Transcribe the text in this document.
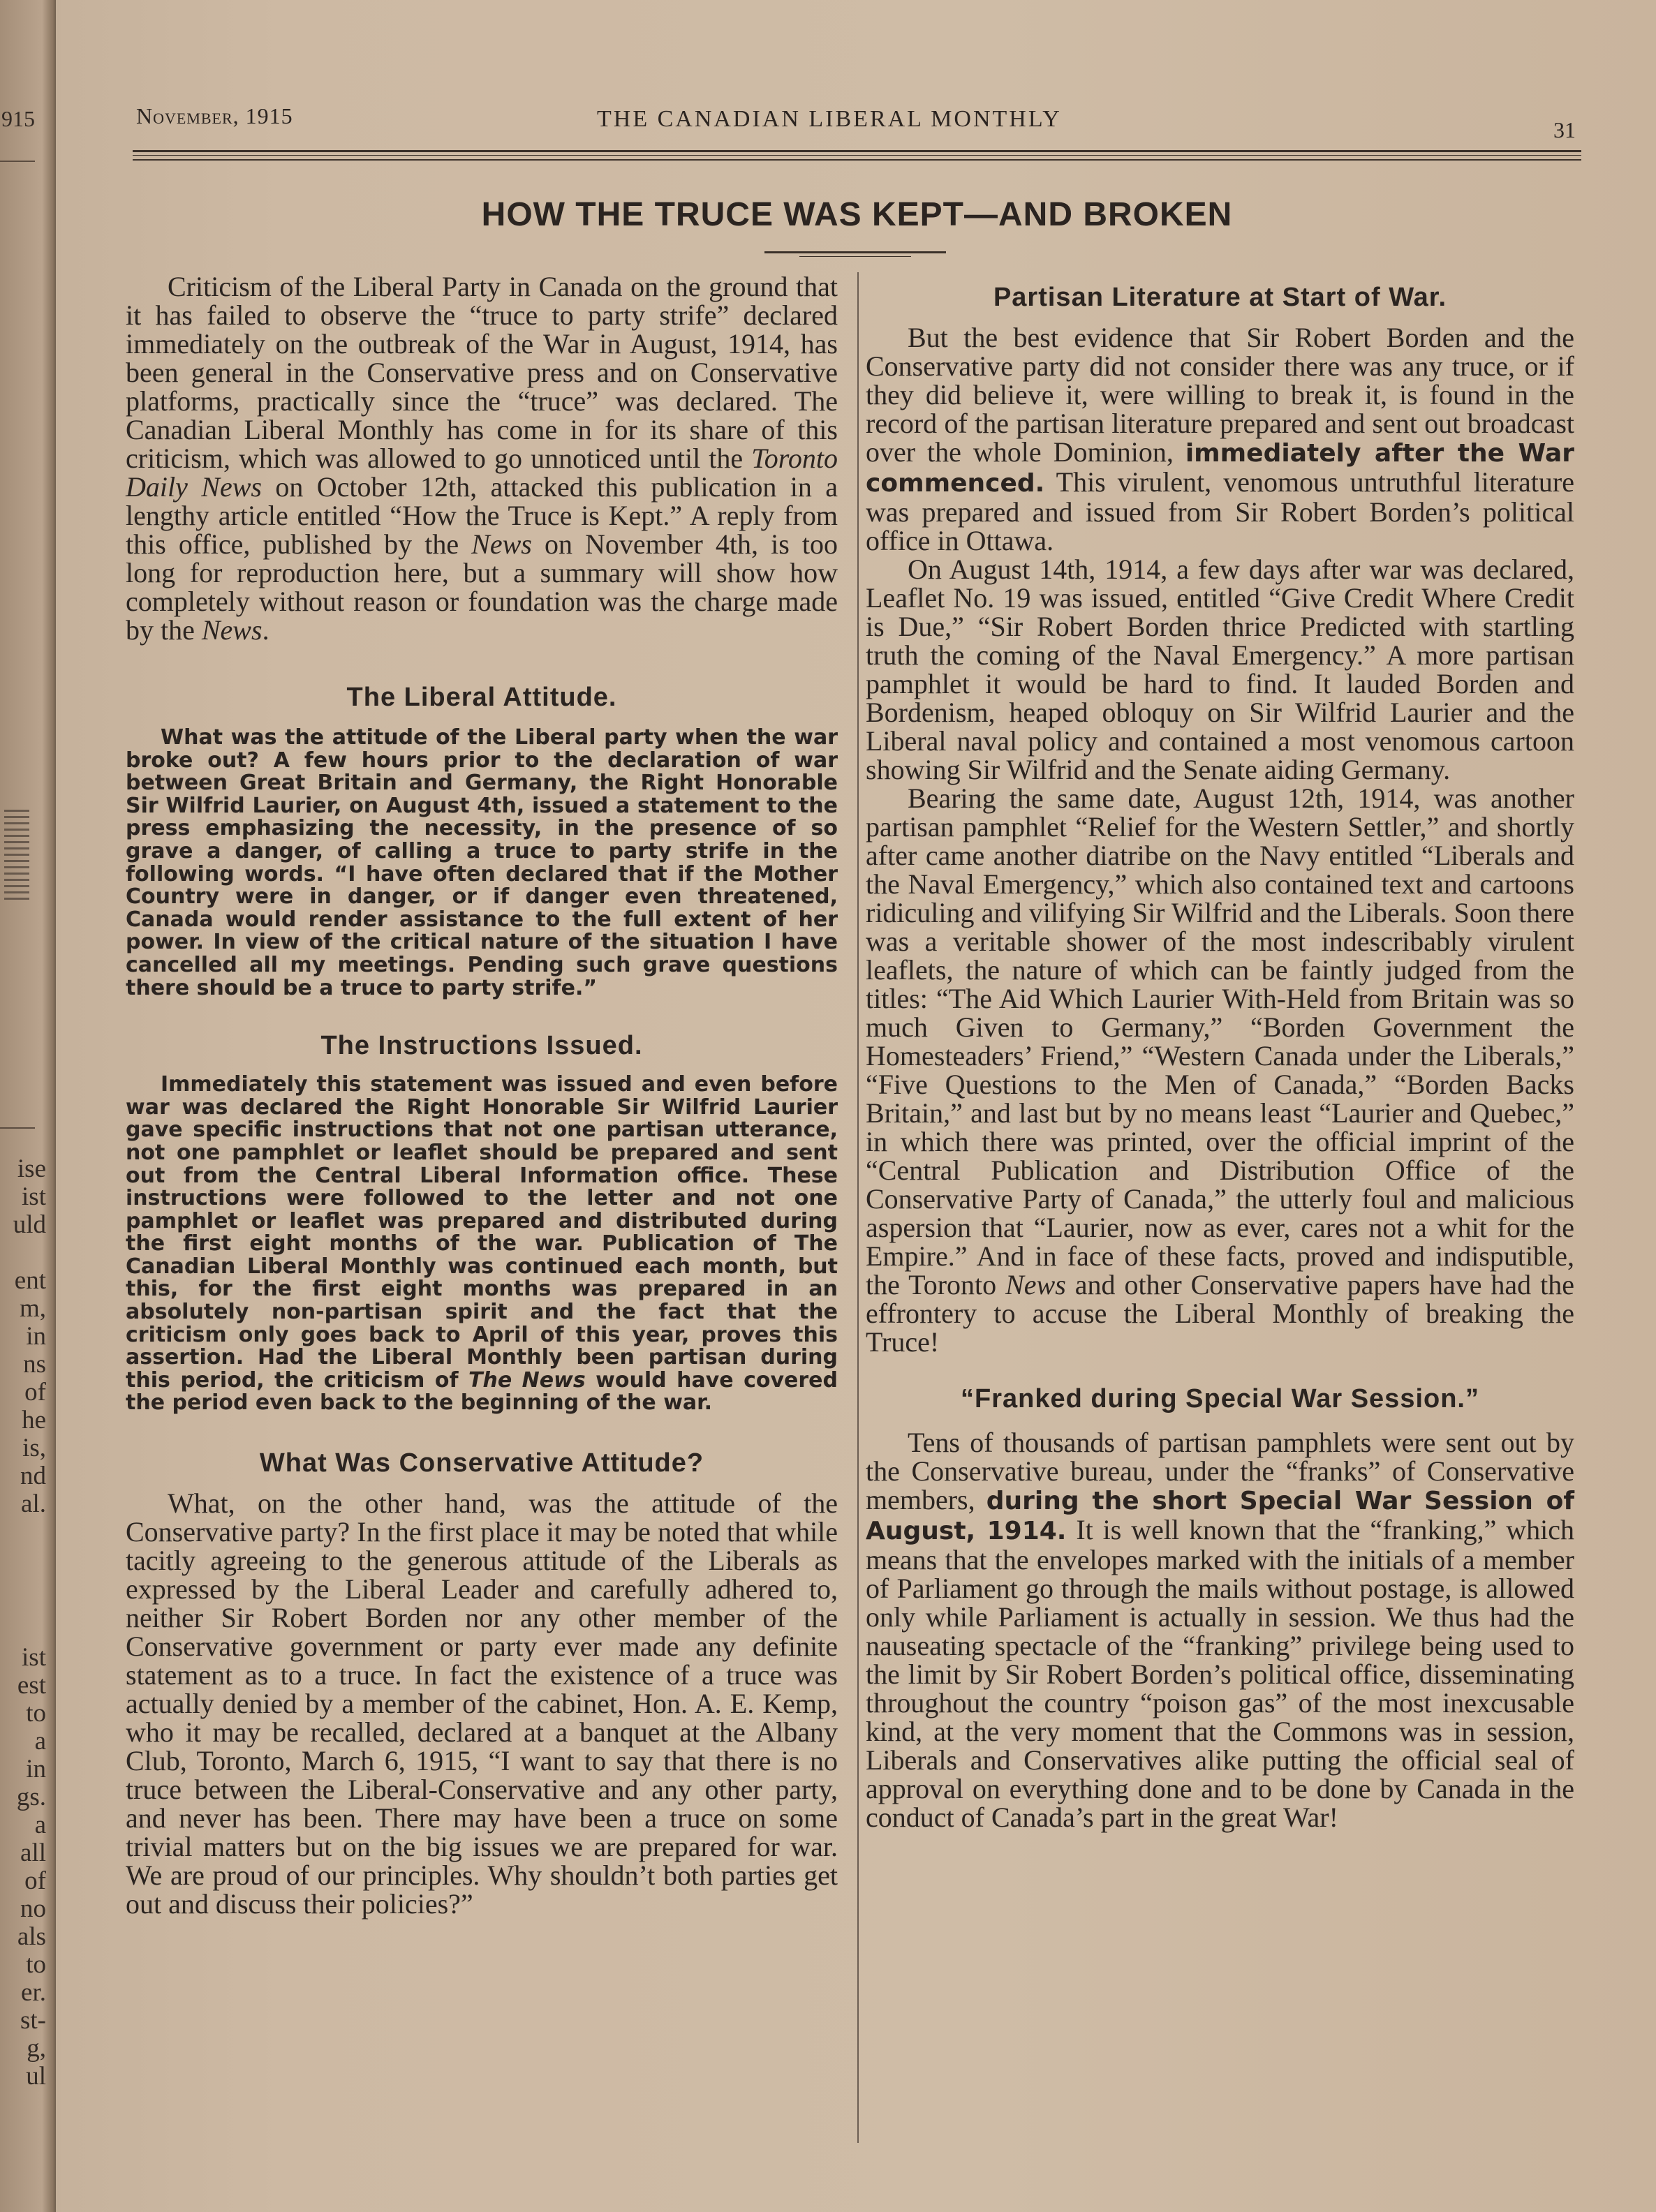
915
ise
ist
uld

ent
m,
in
ns
of
he
is,
nd
al.
ist
est
to
a
in
gs.
a
all
of
no
als
to
er.
st-
g,
ul
November, 1915	THE CANADIAN LIBERAL MONTHLY	31
HOW THE TRUCE WAS KEPT—AND BROKEN

Criticism of the Liberal Party in Canada on the ground that it has failed to observe the “truce to party strife” declared immediately on the outbreak of the War in August, 1914, has been general in the Conservative press and on Conservative platforms, practically since the “truce” was declared. The Canadian Liberal Monthly has come in for its share of this criticism, which was allowed to go unnoticed until the Toronto Daily News on October 12th, attacked this publication in a lengthy article entitled “How the Truce is Kept.” A reply from this office, published by the News on November 4th, is too long for reproduction here, but a summary will show how completely without reason or foundation was the charge made by the News.

The Liberal Attitude.

What was the attitude of the Liberal party when the war broke out? A few hours prior to the declaration of war between Great Britain and Germany, the Right Honorable Sir Wilfrid Laurier, on August 4th, issued a statement to the press emphasizing the necessity, in the presence of so grave a danger, of calling a truce to party strife in the following words. “I have often declared that if the Mother Country were in danger, or if danger even threatened, Canada would render assistance to the full extent of her power. In view of the critical nature of the situation I have cancelled all my meetings. Pending such grave questions there should be a truce to party strife.”

The Instructions Issued.

Immediately this statement was issued and even before war was declared the Right Honorable Sir Wilfrid Laurier gave specific instructions that not one partisan utterance, not one pamphlet or leaflet should be prepared and sent out from the Central Liberal Information office. These instructions were followed to the letter and not one pamphlet or leaflet was prepared and distributed during the first eight months of the war. Publication of The Canadian Liberal Monthly was continued each month, but this, for the first eight months was prepared in an absolutely non-partisan spirit and the fact that the criticism only goes back to April of this year, proves this assertion. Had the Liberal Monthly been partisan during this period, the criticism of The News would have covered the period even back to the beginning of the war.

What Was Conservative Attitude?

What, on the other hand, was the attitude of the Conservative party? In the first place it may be noted that while tacitly agreeing to the generous attitude of the Liberals as expressed by the Liberal Leader and carefully adhered to, neither Sir Robert Borden nor any other member of the Conservative government or party ever made any definite statement as to a truce. In fact the existence of a truce was actually denied by a member of the cabinet, Hon. A. E. Kemp, who it may be recalled, declared at a banquet at the Albany Club, Toronto, March 6, 1915, “I want to say that there is no truce between the Liberal-Conservative and any other party, and never has been. There may have been a truce on some trivial matters but on the big issues we are prepared for war. We are proud of our principles. Why shouldn’t both parties get out and discuss their policies?”

Partisan Literature at Start of War.

But the best evidence that Sir Robert Borden and the Conservative party did not consider there was any truce, or if they did believe it, were willing to break it, is found in the record of the partisan literature prepared and sent out broadcast over the whole Dominion, immediately after the War commenced. This virulent, venomous untruthful literature was prepared and issued from Sir Robert Borden’s political office in Ottawa.

On August 14th, 1914, a few days after war was declared, Leaflet No. 19 was issued, entitled “Give Credit Where Credit is Due,” “Sir Robert Borden thrice Predicted with startling truth the coming of the Naval Emergency.” A more partisan pamphlet it would be hard to find. It lauded Borden and Bordenism, heaped obloquy on Sir Wilfrid Laurier and the Liberal naval policy and contained a most venomous cartoon showing Sir Wilfrid and the Senate aiding Germany.

Bearing the same date, August 12th, 1914, was another partisan pamphlet “Relief for the Western Settler,” and shortly after came another diatribe on the Navy entitled “Liberals and the Naval Emergency,” which also contained text and cartoons ridiculing and vilifying Sir Wilfrid and the Liberals. Soon there was a veritable shower of the most indescribably virulent leaflets, the nature of which can be faintly judged from the titles: “The Aid Which Laurier With-Held from Britain was so much Given to Germany,” “Borden Government the Homesteaders’ Friend,” “Western Canada under the Liberals,” “Five Questions to the Men of Canada,” “Borden Backs Britain,” and last but by no means least “Laurier and Quebec,” in which there was printed, over the official imprint of the “Central Publication and Distribution Office of the Conservative Party of Canada,” the utterly foul and malicious aspersion that “Laurier, now as ever, cares not a whit for the Empire.” And in face of these facts, proved and indisputible, the Toronto News and other Conservative papers have had the effrontery to accuse the Liberal Monthly of breaking the Truce!

“Franked during Special War Session.”

Tens of thousands of partisan pamphlets were sent out by the Conservative bureau, under the “franks” of Conservative members, during the short Special War Session of August, 1914. It is well known that the “franking,” which means that the envelopes marked with the initials of a member of Parliament go through the mails without postage, is allowed only while Parliament is actually in session. We thus had the nauseating spectacle of the “franking” privilege being used to the limit by Sir Robert Borden’s political office, disseminating throughout the country “poison gas” of the most inexcusable kind, at the very moment that the Commons was in session, Liberals and Conservatives alike putting the official seal of approval on everything done and to be done by Canada in the conduct of Canada’s part in the great War!
